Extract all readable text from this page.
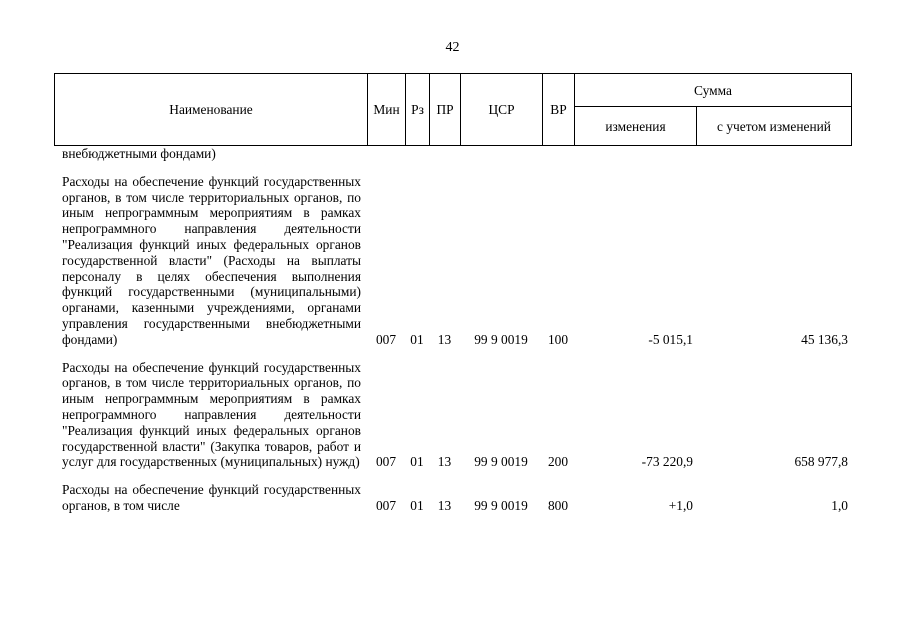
42
Наименование	Мин	Рз	ПР	ЦСР	ВР	Сумма	
						изменения	с учетом изменений
внебюджетными фондами)							

Расходы на обеспечение функций государственных органов, в том числе территориальных органов, по иным непрограммным мероприятиям в рамках непрограммного направления деятельности "Реализация функций иных федеральных органов государственной власти" (Расходы на выплаты персоналу в целях обеспечения выполнения функций государственными (муниципальными) органами, казенными учреждениями, органами управления государственными внебюджетными фондами)	007	01	13	99 9 0019	100	-5 015,1	45 136,3

Расходы на обеспечение функций государственных органов, в том числе территориальных органов, по иным непрограммным мероприятиям в рамках непрограммного направления деятельности "Реализация функций иных федеральных органов государственной власти" (Закупка товаров, работ и услуг для государственных (муниципальных) нужд)	007	01	13	99 9 0019	200	-73 220,9	658 977,8

Расходы на обеспечение функций государственных органов, в том числе	007	01	13	99 9 0019	800	+1,0	1,0
